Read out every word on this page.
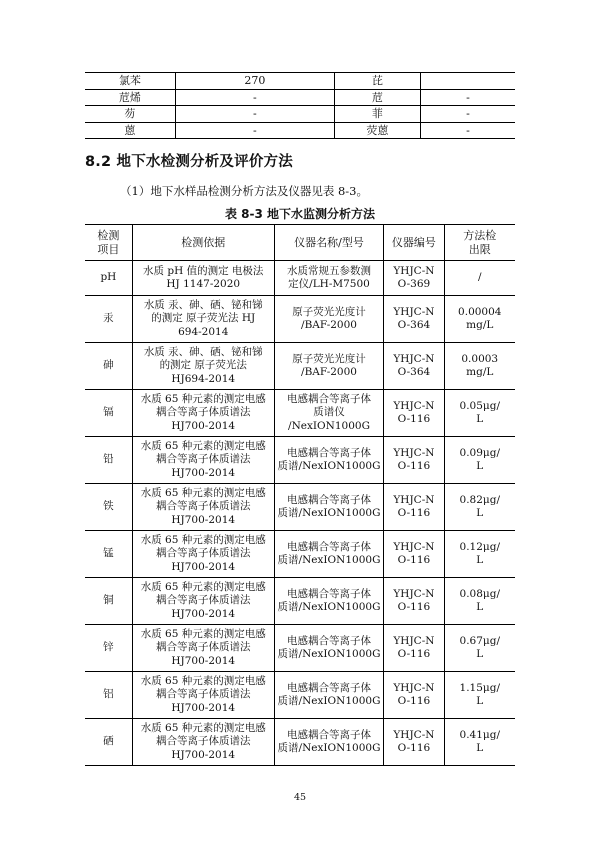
氯苯	270	芘	
苊烯	-	苊	-
芴	-	菲	-
蒽	-	荧蒽	-
8.2 地下水检测分析及评价方法
（1）地下水样品检测分析方法及仪器见表 8-3。
表 8-3 地下水监测分析方法
检测
项目	检测依据	仪器名称/型号	仪器编号	方法检
出限

pH	水质 pH 值的测定 电极法
HJ 1147-2020	水质常规五参数测
定仪/LH-M7500	YHJC-N
O-369	/

汞	水质 汞、砷、硒、铋和锑
的测定 原子荧光法 HJ
694-2014	原子荧光光度计
/BAF-2000	YHJC-N
O-364	0.00004
mg/L

砷	水质 汞、砷、硒、铋和锑
的测定 原子荧光法
HJ694-2014	原子荧光光度计
/BAF-2000	YHJC-N
O-364	0.0003
mg/L

镉	水质 65 种元素的测定电感
耦合等离子体质谱法
HJ700-2014	电感耦合等离子体
质谱仪
/NexION1000G	YHJC-N
O-116	0.05μg/
L

铅	水质 65 种元素的测定电感
耦合等离子体质谱法
HJ700-2014	电感耦合等离子体
质谱/NexION1000G	YHJC-N
O-116	0.09μg/
L

铁	水质 65 种元素的测定电感
耦合等离子体质谱法
HJ700-2014	电感耦合等离子体
质谱/NexION1000G	YHJC-N
O-116	0.82μg/
L

锰	水质 65 种元素的测定电感
耦合等离子体质谱法
HJ700-2014	电感耦合等离子体
质谱/NexION1000G	YHJC-N
O-116	0.12μg/
L

铜	水质 65 种元素的测定电感
耦合等离子体质谱法
HJ700-2014	电感耦合等离子体
质谱/NexION1000G	YHJC-N
O-116	0.08μg/
L

锌	水质 65 种元素的测定电感
耦合等离子体质谱法
HJ700-2014	电感耦合等离子体
质谱/NexION1000G	YHJC-N
O-116	0.67μg/
L

铝	水质 65 种元素的测定电感
耦合等离子体质谱法
HJ700-2014	电感耦合等离子体
质谱/NexION1000G	YHJC-N
O-116	1.15μg/
L

硒	水质 65 种元素的测定电感
耦合等离子体质谱法
HJ700-2014	电感耦合等离子体
质谱/NexION1000G	YHJC-N
O-116	0.41μg/
L
45
